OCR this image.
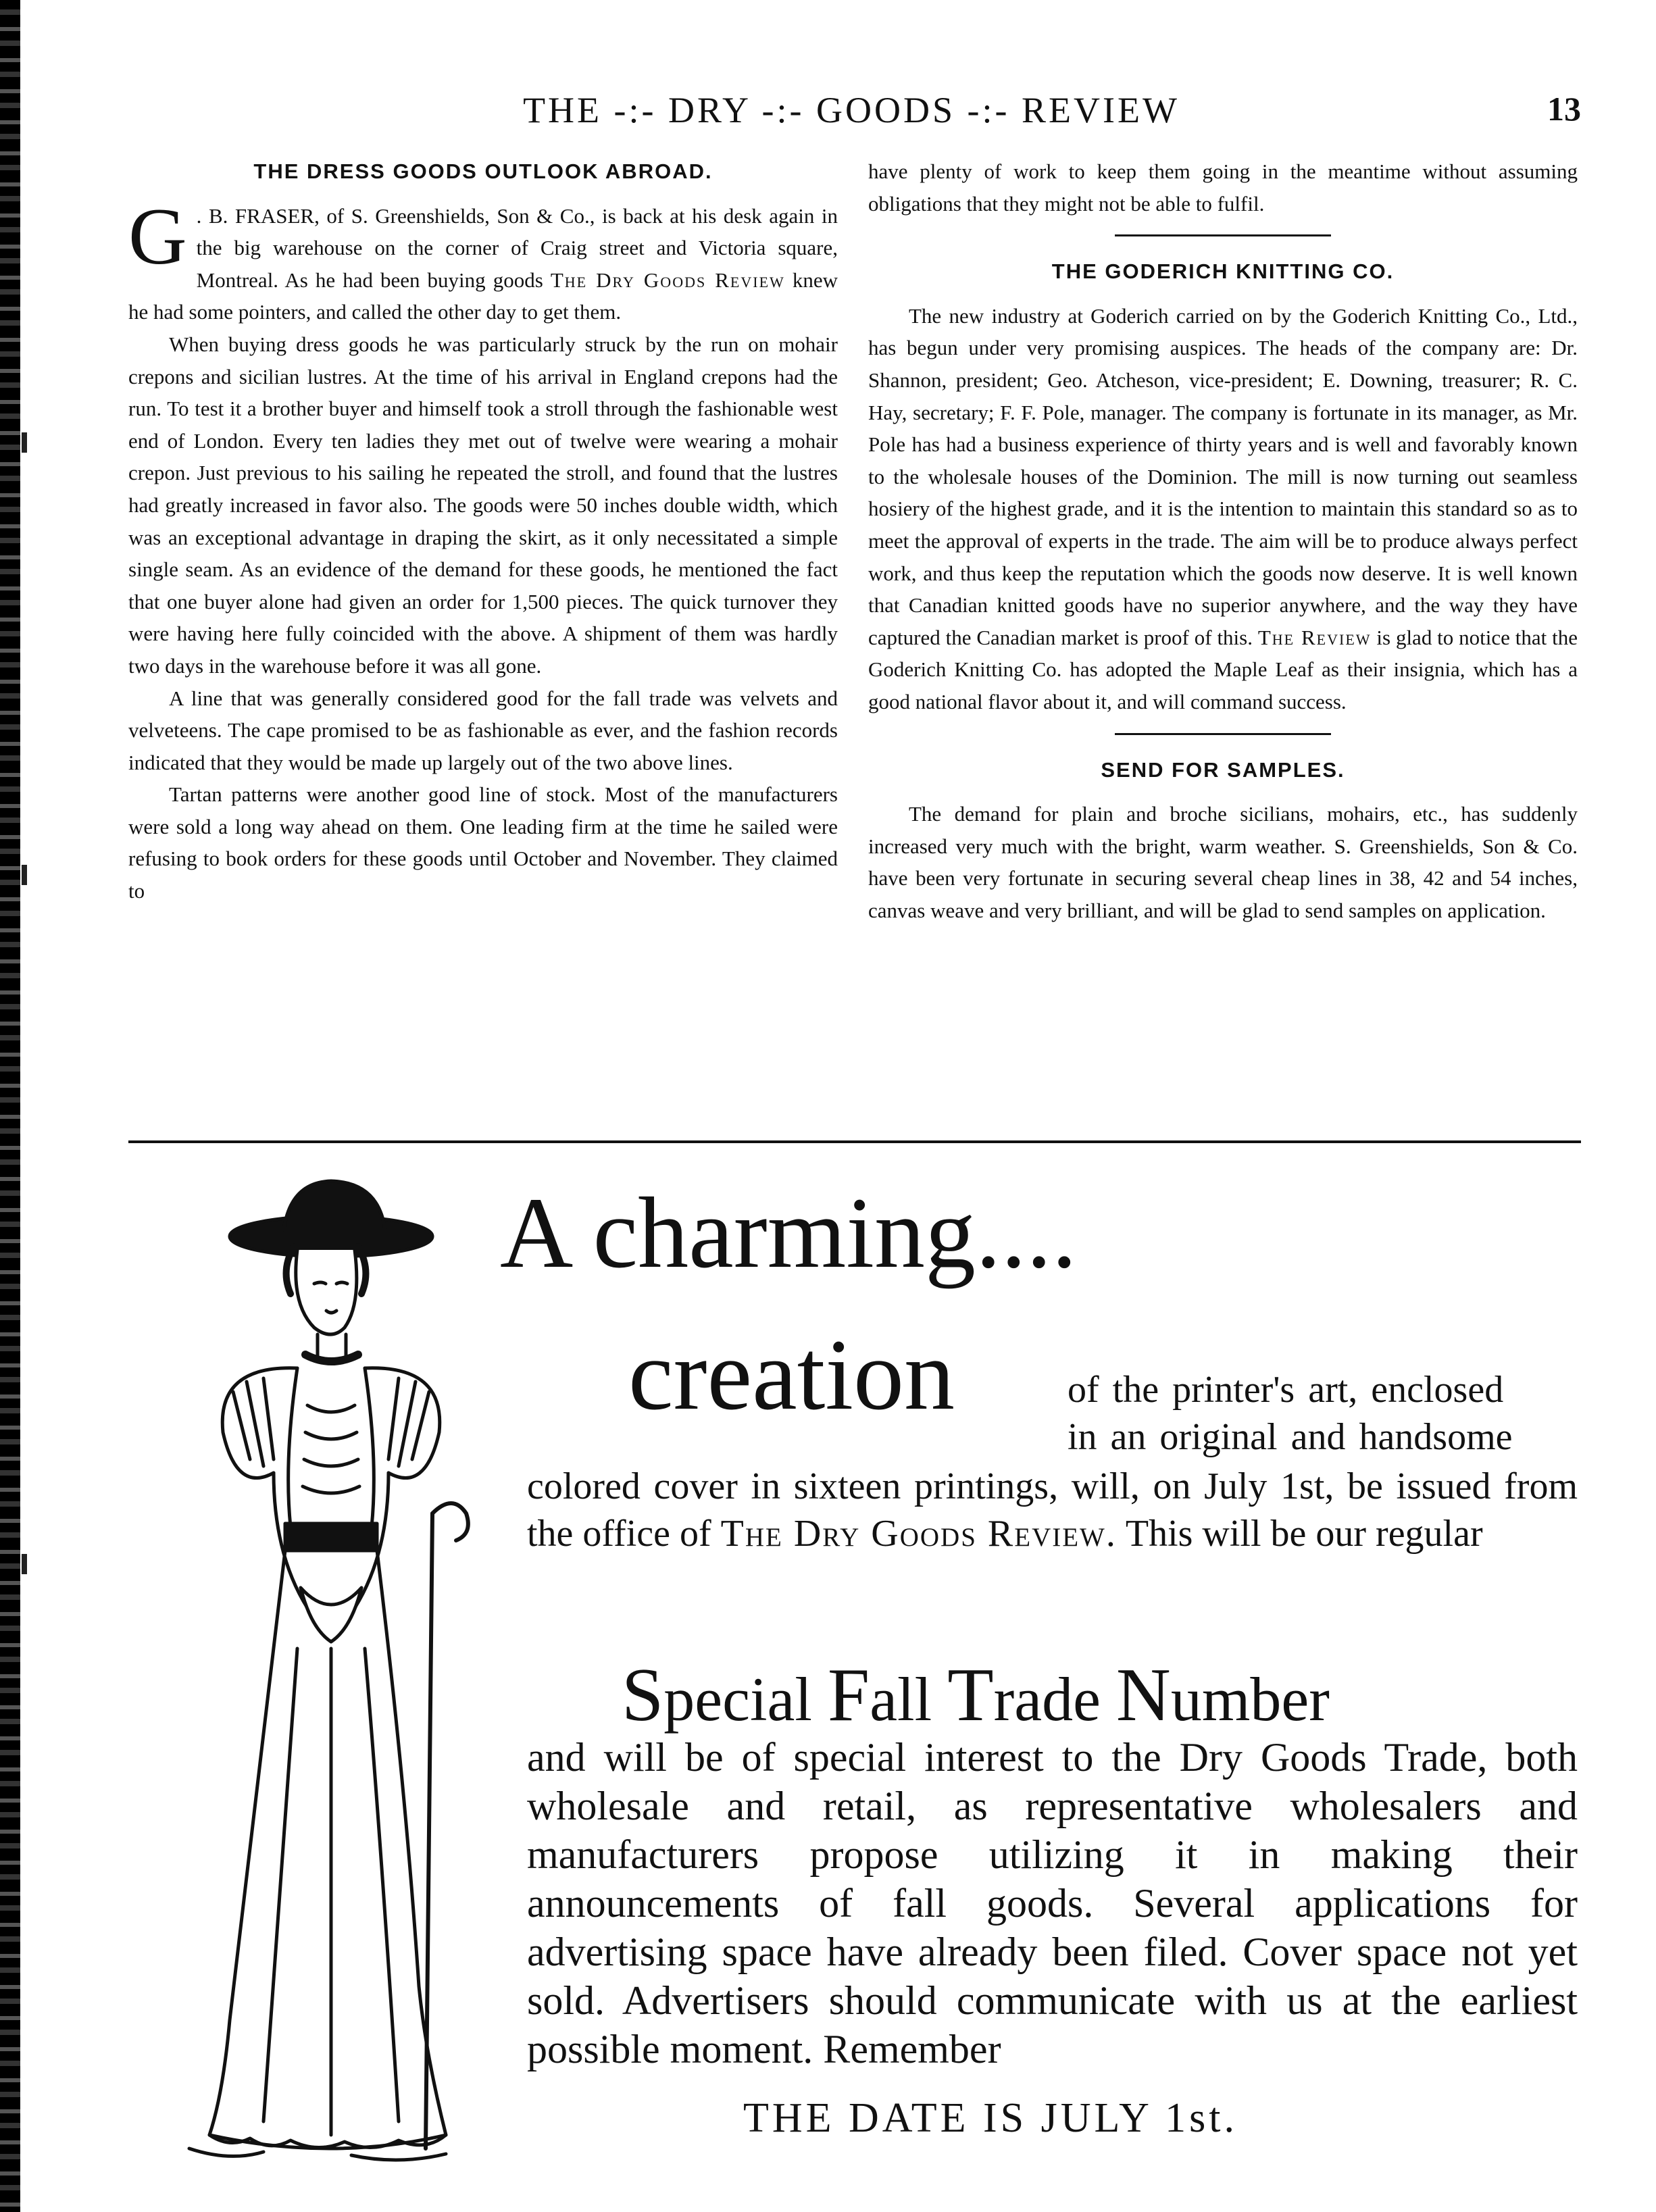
THE -:- DRY -:- GOODS -:- REVIEW	13
THE DRESS GOODS OUTLOOK ABROAD.

G . B. FRASER, of S. Greenshields, Son & Co., is back at his desk again in the big warehouse on the corner of Craig street and Victoria square, Montreal. As he had been buying goods The Dry Goods Review knew he had some pointers, and called the other day to get them.

When buying dress goods he was particularly struck by the run on mohair crepons and sicilian lustres. At the time of his arrival in England crepons had the run. To test it a brother buyer and himself took a stroll through the fashionable west end of London. Every ten ladies they met out of twelve were wearing a mohair crepon. Just previous to his sailing he repeated the stroll, and found that the lustres had greatly increased in favor also. The goods were 50 inches double width, which was an exceptional advantage in draping the skirt, as it only necessitated a simple single seam. As an evidence of the demand for these goods, he mentioned the fact that one buyer alone had given an order for 1,500 pieces. The quick turnover they were having here fully coincided with the above. A shipment of them was hardly two days in the warehouse before it was all gone.

A line that was generally considered good for the fall trade was velvets and velveteens. The cape promised to be as fashionable as ever, and the fashion records indicated that they would be made up largely out of the two above lines.

Tartan patterns were another good line of stock. Most of the manufacturers were sold a long way ahead on them. One leading firm at the time he sailed were refusing to book orders for these goods until October and November. They claimed to

have plenty of work to keep them going in the meantime without assuming obligations that they might not be able to fulfil.

THE GODERICH KNITTING CO.

The new industry at Goderich carried on by the Goderich Knitting Co., Ltd., has begun under very promising auspices. The heads of the company are: Dr. Shannon, president; Geo. Atcheson, vice-president; E. Downing, treasurer; R. C. Hay, secretary; F. F. Pole, manager. The company is fortunate in its manager, as Mr. Pole has had a business experience of thirty years and is well and favorably known to the wholesale houses of the Dominion. The mill is now turning out seamless hosiery of the highest grade, and it is the intention to maintain this standard so as to meet the approval of experts in the trade. The aim will be to produce always perfect work, and thus keep the reputation which the goods now deserve. It is well known that Canadian knitted goods have no superior anywhere, and the way they have captured the Canadian market is proof of this. The Review is glad to notice that the Goderich Knitting Co. has adopted the Maple Leaf as their insignia, which has a good national flavor about it, and will command success.

SEND FOR SAMPLES.

The demand for plain and broche sicilians, mohairs, etc., has suddenly increased very much with the bright, warm weather. S. Greenshields, Son & Co. have been very fortunate in securing several cheap lines in 38, 42 and 54 inches, canvas weave and very brilliant, and will be glad to send samples on application.

A charming....
creation	of the printer's art, enclosed
in an original and handsome
colored cover in sixteen printings, will, on July 1st, be issued from the office of The Dry Goods Review. This will be our regular
Special Fall Trade Number
and will be of special interest to the Dry Goods Trade, both wholesale and retail, as representative wholesalers and manufacturers propose utilizing it in making their announcements of fall goods. Several applications for advertising space have already been filed. Cover space not yet sold. Advertisers should communicate with us at the earliest possible moment. Remember
THE DATE IS JULY 1st.
